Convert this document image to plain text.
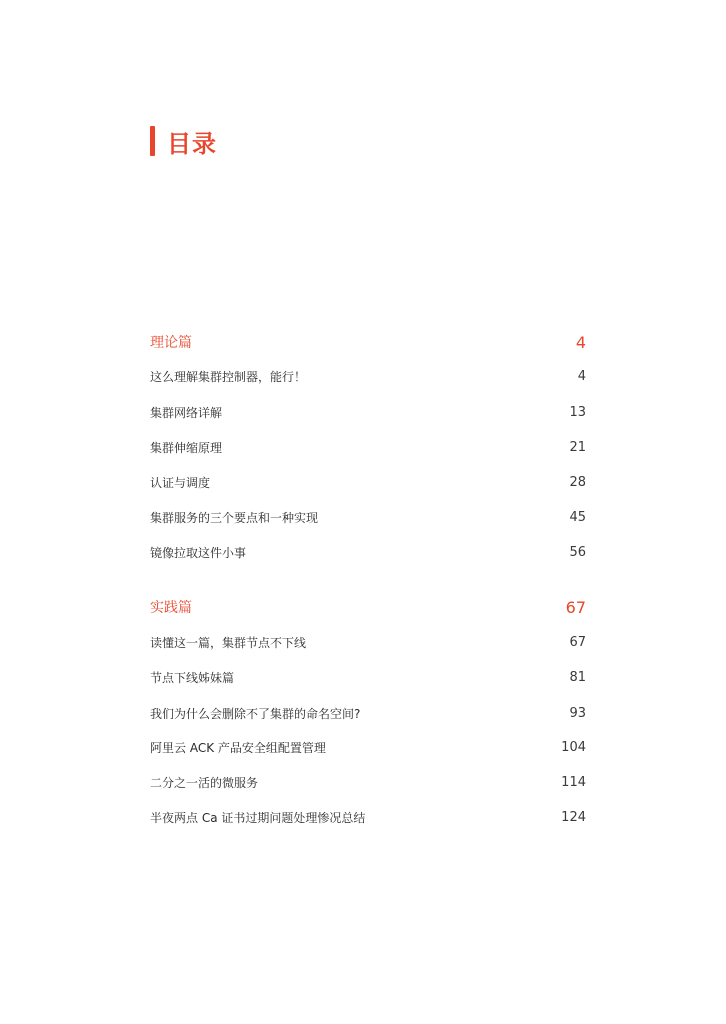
目录
理论篇	4
这么理解集群控制器，能行！	4
集群网络详解	13
集群伸缩原理	21
认证与调度	28
集群服务的三个要点和一种实现	45
镜像拉取这件小事	56
实践篇	67
读懂这一篇，集群节点不下线	67
节点下线姊妹篇	81
我们为什么会删除不了集群的命名空间?	93
阿里云 ACK 产品安全组配置管理	104
二分之一活的微服务	114
半夜两点 Ca 证书过期问题处理惨况总结	124
